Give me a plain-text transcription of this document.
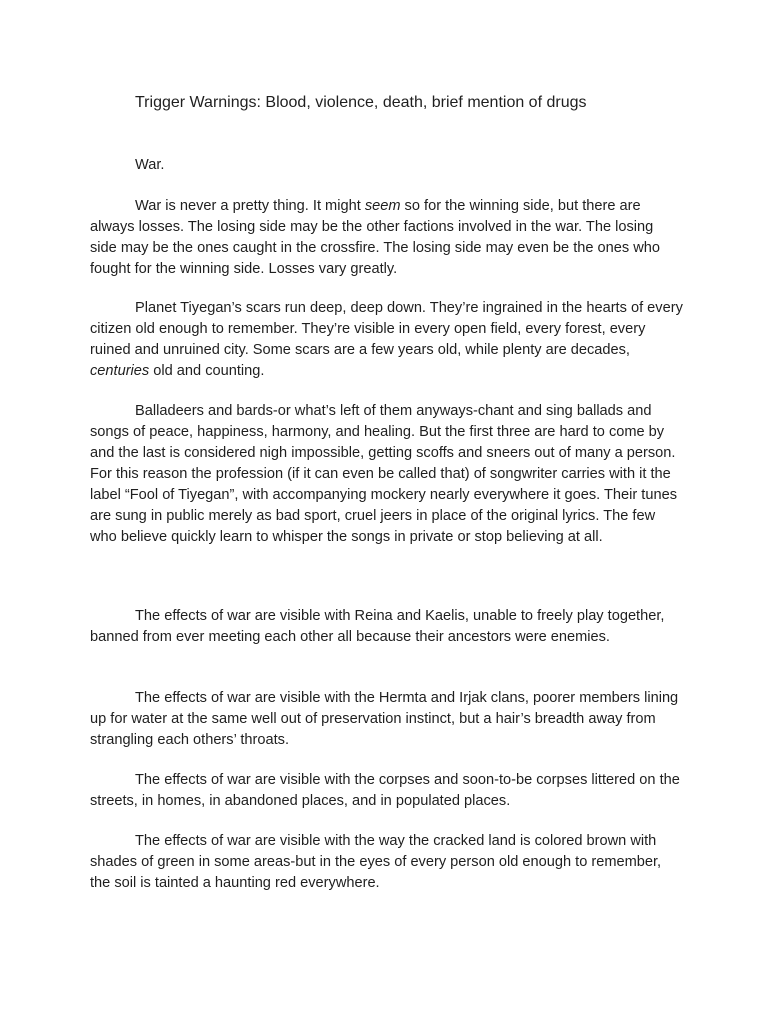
Trigger Warnings: Blood, violence, death, brief mention of drugs

War.

War is never a pretty thing. It might seem so for the winning side, but there are always losses. The losing side may be the other factions involved in the war. The losing side may be the ones caught in the crossfire. The losing side may even be the ones who fought for the winning side. Losses vary greatly.

Planet Tiyegan’s scars run deep, deep down. They’re ingrained in the hearts of every citizen old enough to remember. They’re visible in every open field, every forest, every ruined and unruined city. Some scars are a few years old, while plenty are decades, centuries old and counting.

Balladeers and bards-or what’s left of them anyways-chant and sing ballads and songs of peace, happiness, harmony, and healing. But the first three are hard to come by and the last is considered nigh impossible, getting scoffs and sneers out of many a person. For this reason the profession (if it can even be called that) of songwriter carries with it the label “Fool of Tiyegan”, with accompanying mockery nearly everywhere it goes. Their tunes are sung in public merely as bad sport, cruel jeers in place of the original lyrics. The few who believe quickly learn to whisper the songs in private or stop believing at all.

The effects of war are visible with Reina and Kaelis, unable to freely play together, banned from ever meeting each other all because their ancestors were enemies.

The effects of war are visible with the Hermta and Irjak clans, poorer members lining up for water at the same well out of preservation instinct, but a hair’s breadth away from strangling each others’ throats.

The effects of war are visible with the corpses and soon-to-be corpses littered on the streets, in homes, in abandoned places, and in populated places.

The effects of war are visible with the way the cracked land is colored brown with shades of green in some areas-but in the eyes of every person old enough to remember, the soil is tainted a haunting red everywhere.
